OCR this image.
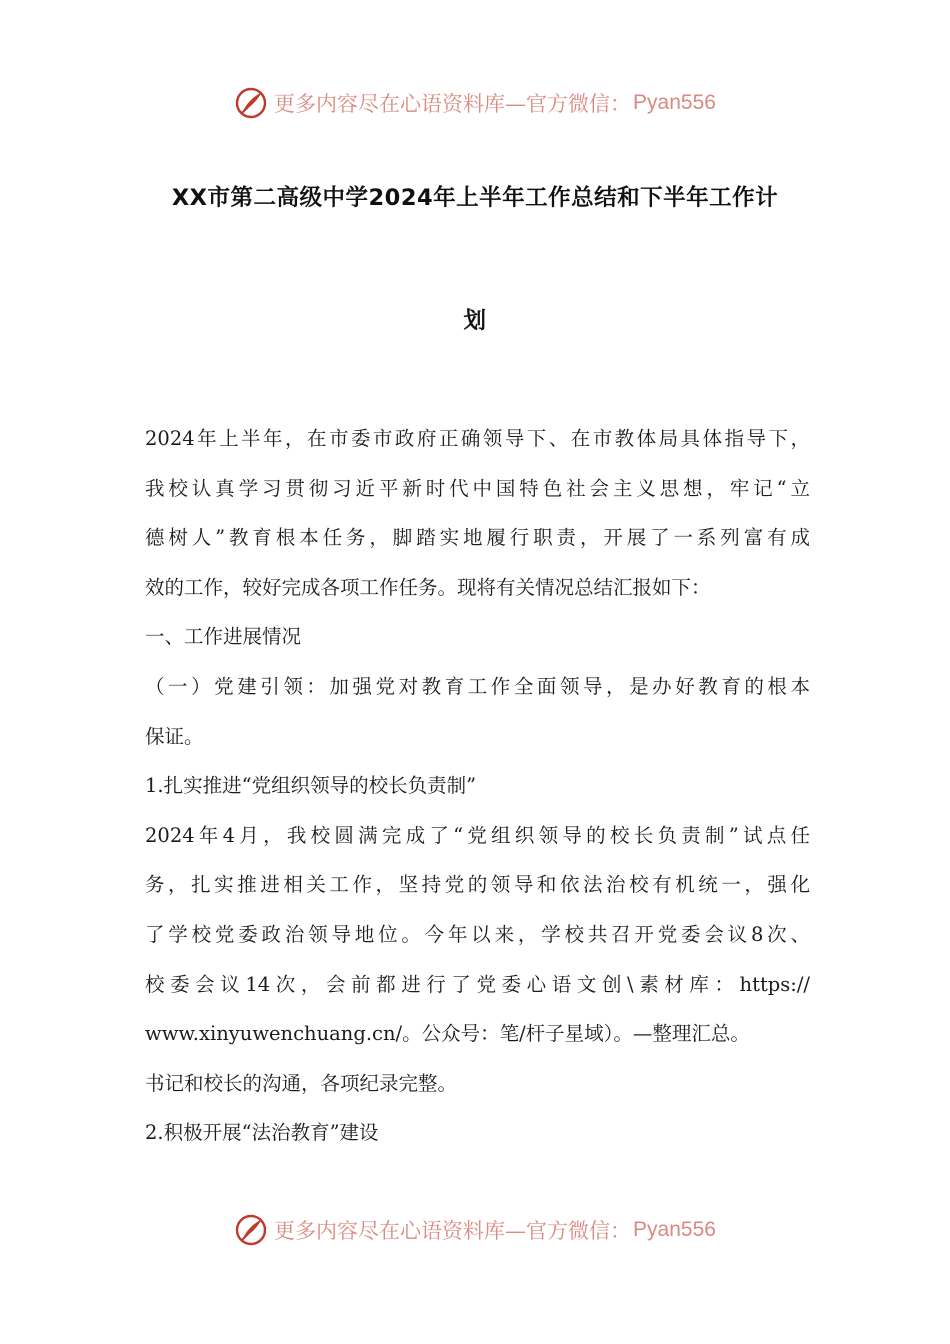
更多内容尽在心语资料库—官方微信： Pyan556
XX市第二高级中学2024年上半年工作总结和下半年工作计
划
2024年上半年，在市委市政府正确领导下、在市教体局具体指导下，
我校认真学习贯彻习近平新时代中国特色社会主义思想，牢记“立
德树人”教育根本任务，脚踏实地履行职责，开展了一系列富有成
效的工作，较好完成各项工作任务。现将有关情况总结汇报如下：
一、工作进展情况
（一）党建引领：加强党对教育工作全面领导，是办好教育的根本
保证。
1.扎实推进“党组织领导的校长负责制”
2024年4月，我校圆满完成了“党组织领导的校长负责制”试点任
务，扎实推进相关工作，坚持党的领导和依法治校有机统一，强化
了学校党委政治领导地位。今年以来，学校共召开党委会议8次、
校委会议14次，会前都进行了党委心语文创\素材库：https://
www.xinyuwenchuang.cn/。公众号：笔/杆子星域）。—整理汇总。
书记和校长的沟通，各项纪录完整。
2.积极开展“法治教育”建设
更多内容尽在心语资料库—官方微信： Pyan556
